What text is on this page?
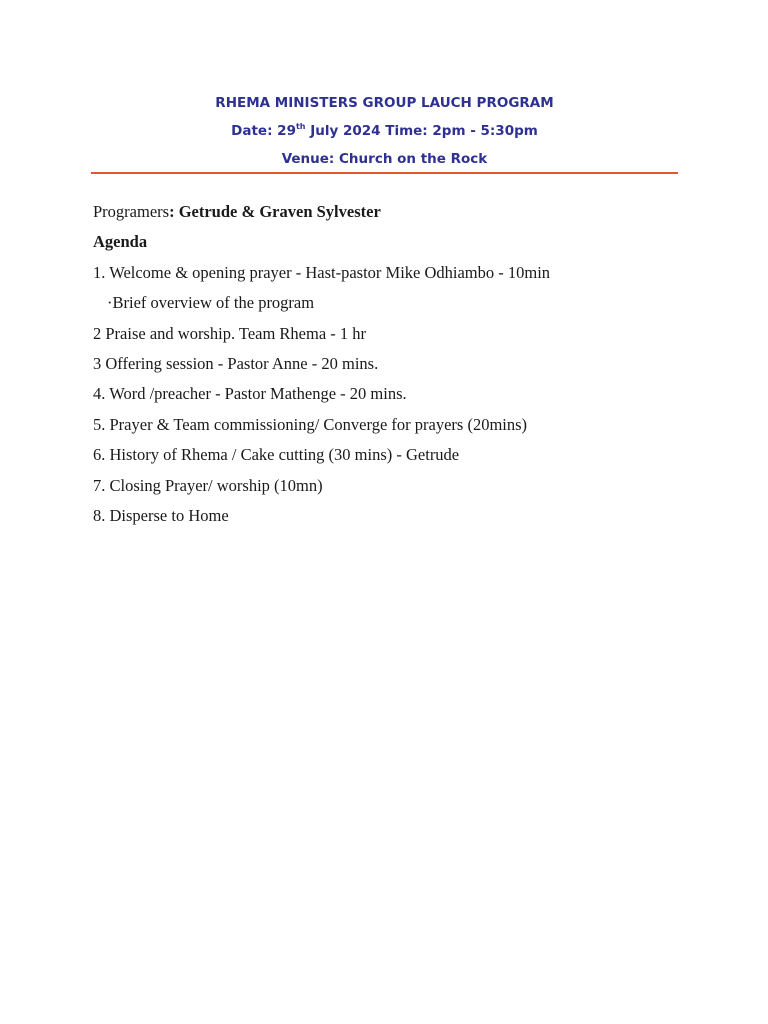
RHEMA MINISTERS GROUP LAUCH PROGRAM
Date: 29th July 2024 Time: 2pm - 5:30pm
Venue: Church on the Rock
Programers: Getrude & Graven Sylvester
Agenda
1. Welcome & opening prayer - Hast-pastor Mike Odhiambo - 10min
·Brief overview of the program
2 Praise and worship. Team Rhema - 1 hr
3 Offering session - Pastor Anne - 20 mins.
4. Word /preacher - Pastor Mathenge - 20 mins.
5. Prayer & Team commissioning/ Converge for prayers (20mins)
6. History of Rhema / Cake cutting (30 mins) - Getrude
7. Closing Prayer/ worship (10mn)
8. Disperse to Home
